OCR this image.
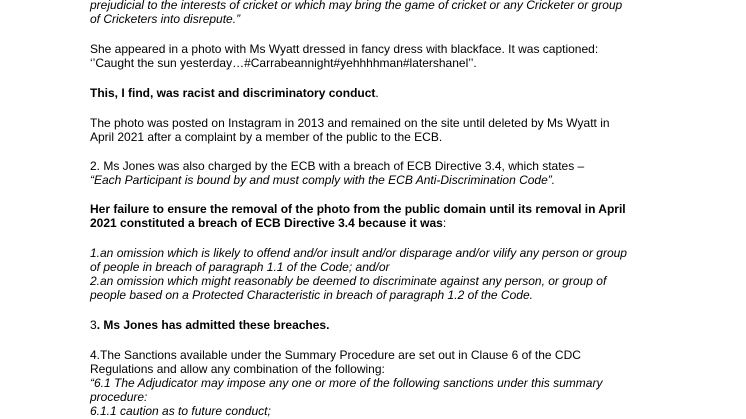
prejudicial to the interests of cricket or which may bring the game of cricket or any Cricketer or group
of Cricketers into disrepute.”

She appeared in a photo with Ms Wyatt dressed in fancy dress with blackface. It was captioned:
‘’Caught the sun yesterday…#Carrabeannight#yehhhhman#latershanel’’.

This, I find, was racist and discriminatory conduct.

The photo was posted on Instagram in 2013 and remained on the site until deleted by Ms Wyatt in
April 2021 after a complaint by a member of the public to the ECB.

2. Ms Jones was also charged by the ECB with a breach of ECB Directive 3.4, which states –
“Each Participant is bound by and must comply with the ECB Anti-Discrimination Code”.

Her failure to ensure the removal of the photo from the public domain until its removal in April
2021 constituted a breach of ECB Directive 3.4 because it was:

1.an omission which is likely to offend and/or insult and/or disparage and/or vilify any person or group
of people in breach of paragraph 1.1 of the Code; and/or
2.an omission which might reasonably be deemed to discriminate against any person, or group of
people based on a Protected Characteristic in breach of paragraph 1.2 of the Code.

3. Ms Jones has admitted these breaches.

4.The Sanctions available under the Summary Procedure are set out in Clause 6 of the CDC
Regulations and allow any combination of the following:
“6.1 The Adjudicator may impose any one or more of the following sanctions under this summary
procedure:
6.1.1 caution as to future conduct;
